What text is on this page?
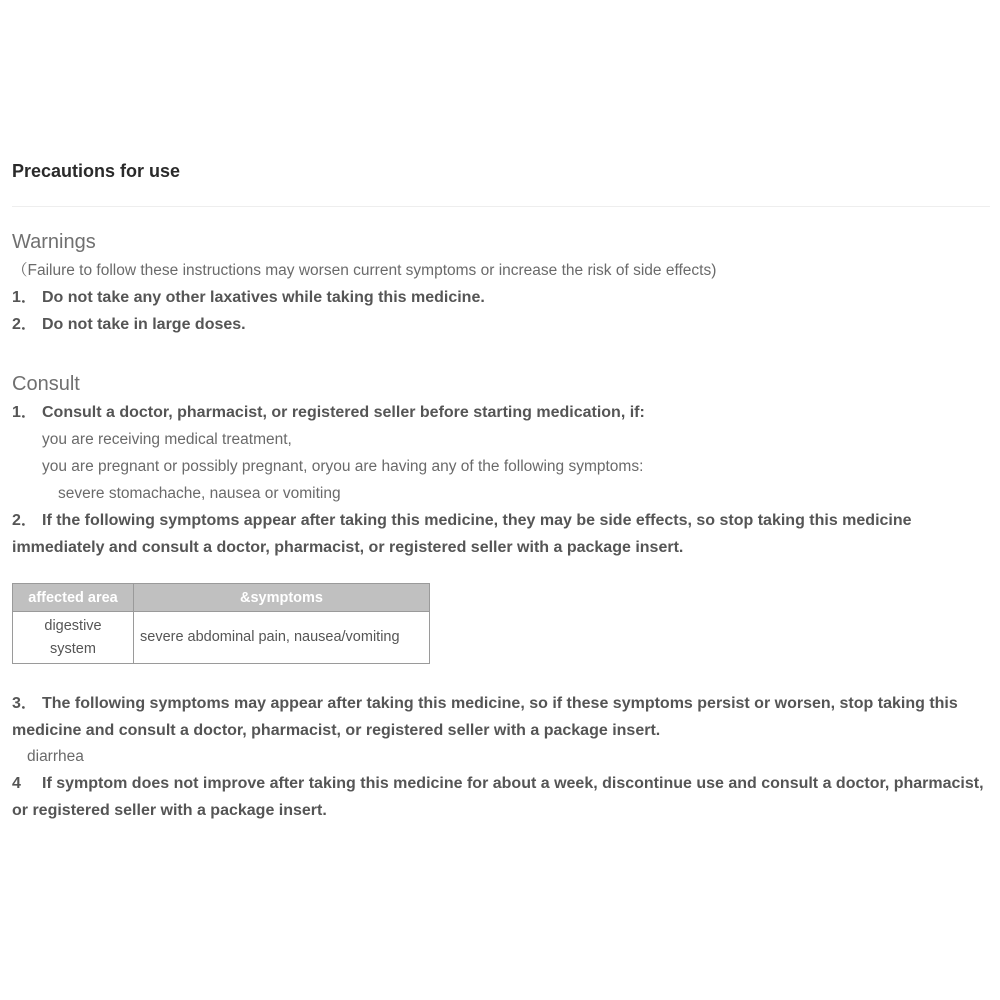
Precautions for use
Warnings
（Failure to follow these instructions may worsen current symptoms or increase the risk of side effects)
1． Do not take any other laxatives while taking this medicine.
2． Do not take in large doses.
Consult
1． Consult a doctor, pharmacist, or registered seller before starting medication, if:
you are receiving medical treatment,
you are pregnant or possibly pregnant, oryou are having any of the following symptoms:
severe stomachache, nausea or vomiting

2． If the following symptoms appear after taking this medicine, they may be side effects, so stop taking this medicine immediately and consult a doctor, pharmacist, or registered seller with a package insert.

affected area	&symptoms
digestive
system	severe abdominal pain, nausea/vomiting

3． The following symptoms may appear after taking this medicine, so if these symptoms persist or worsen, stop taking this medicine and consult a doctor, pharmacist, or registered seller with a package insert.

diarrhea

4 If symptom does not improve after taking this medicine for about a week, discontinue use and consult a doctor, pharmacist, or registered seller with a package insert.
